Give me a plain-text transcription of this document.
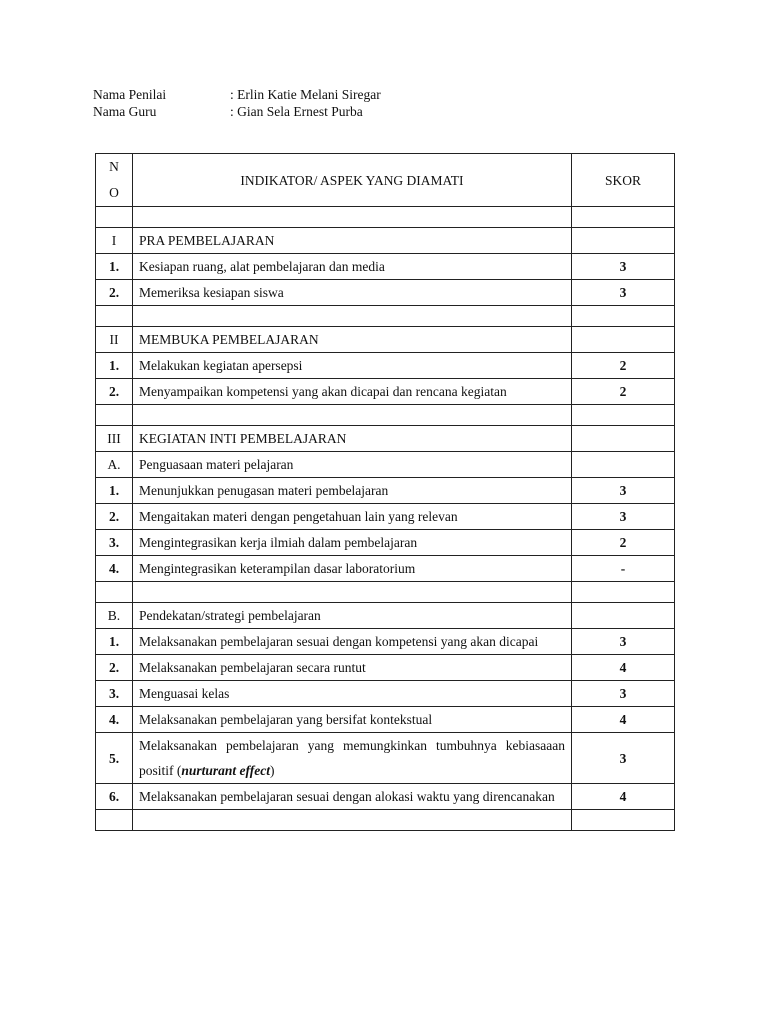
Nama Penilai	: Erlin Katie Melani Siregar
Nama Guru	: Gian Sela Ernest Purba
N
O	INDIKATOR/ ASPEK YANG DIAMATI	SKOR

I	PRA PEMBELAJARAN	
1.	Kesiapan ruang, alat pembelajaran dan media	3
2.	Memeriksa kesiapan siswa	3

II	MEMBUKA PEMBELAJARAN	
1.	Melakukan kegiatan apersepsi	2
2.	Menyampaikan kompetensi yang akan dicapai dan rencana kegiatan	2

III	KEGIATAN INTI PEMBELAJARAN	
A.	Penguasaan materi pelajaran	
1.	Menunjukkan penugasan materi pembelajaran	3
2.	Mengaitakan materi dengan pengetahuan lain yang relevan	3
3.	Mengintegrasikan kerja ilmiah dalam pembelajaran	2
4.	Mengintegrasikan keterampilan dasar laboratorium	-

B.	Pendekatan/strategi pembelajaran	
1.	Melaksanakan pembelajaran sesuai dengan kompetensi yang akan dicapai	3
2.	Melaksanakan pembelajaran secara runtut	4
3.	Menguasai kelas	3
4.	Melaksanakan pembelajaran yang bersifat kontekstual	4
5.	Melaksanakan pembelajaran yang memungkinkan tumbuhnya kebiasaaan positif (nurturant effect)	3
6.	Melaksanakan pembelajaran sesuai dengan alokasi waktu yang direncanakan	4
